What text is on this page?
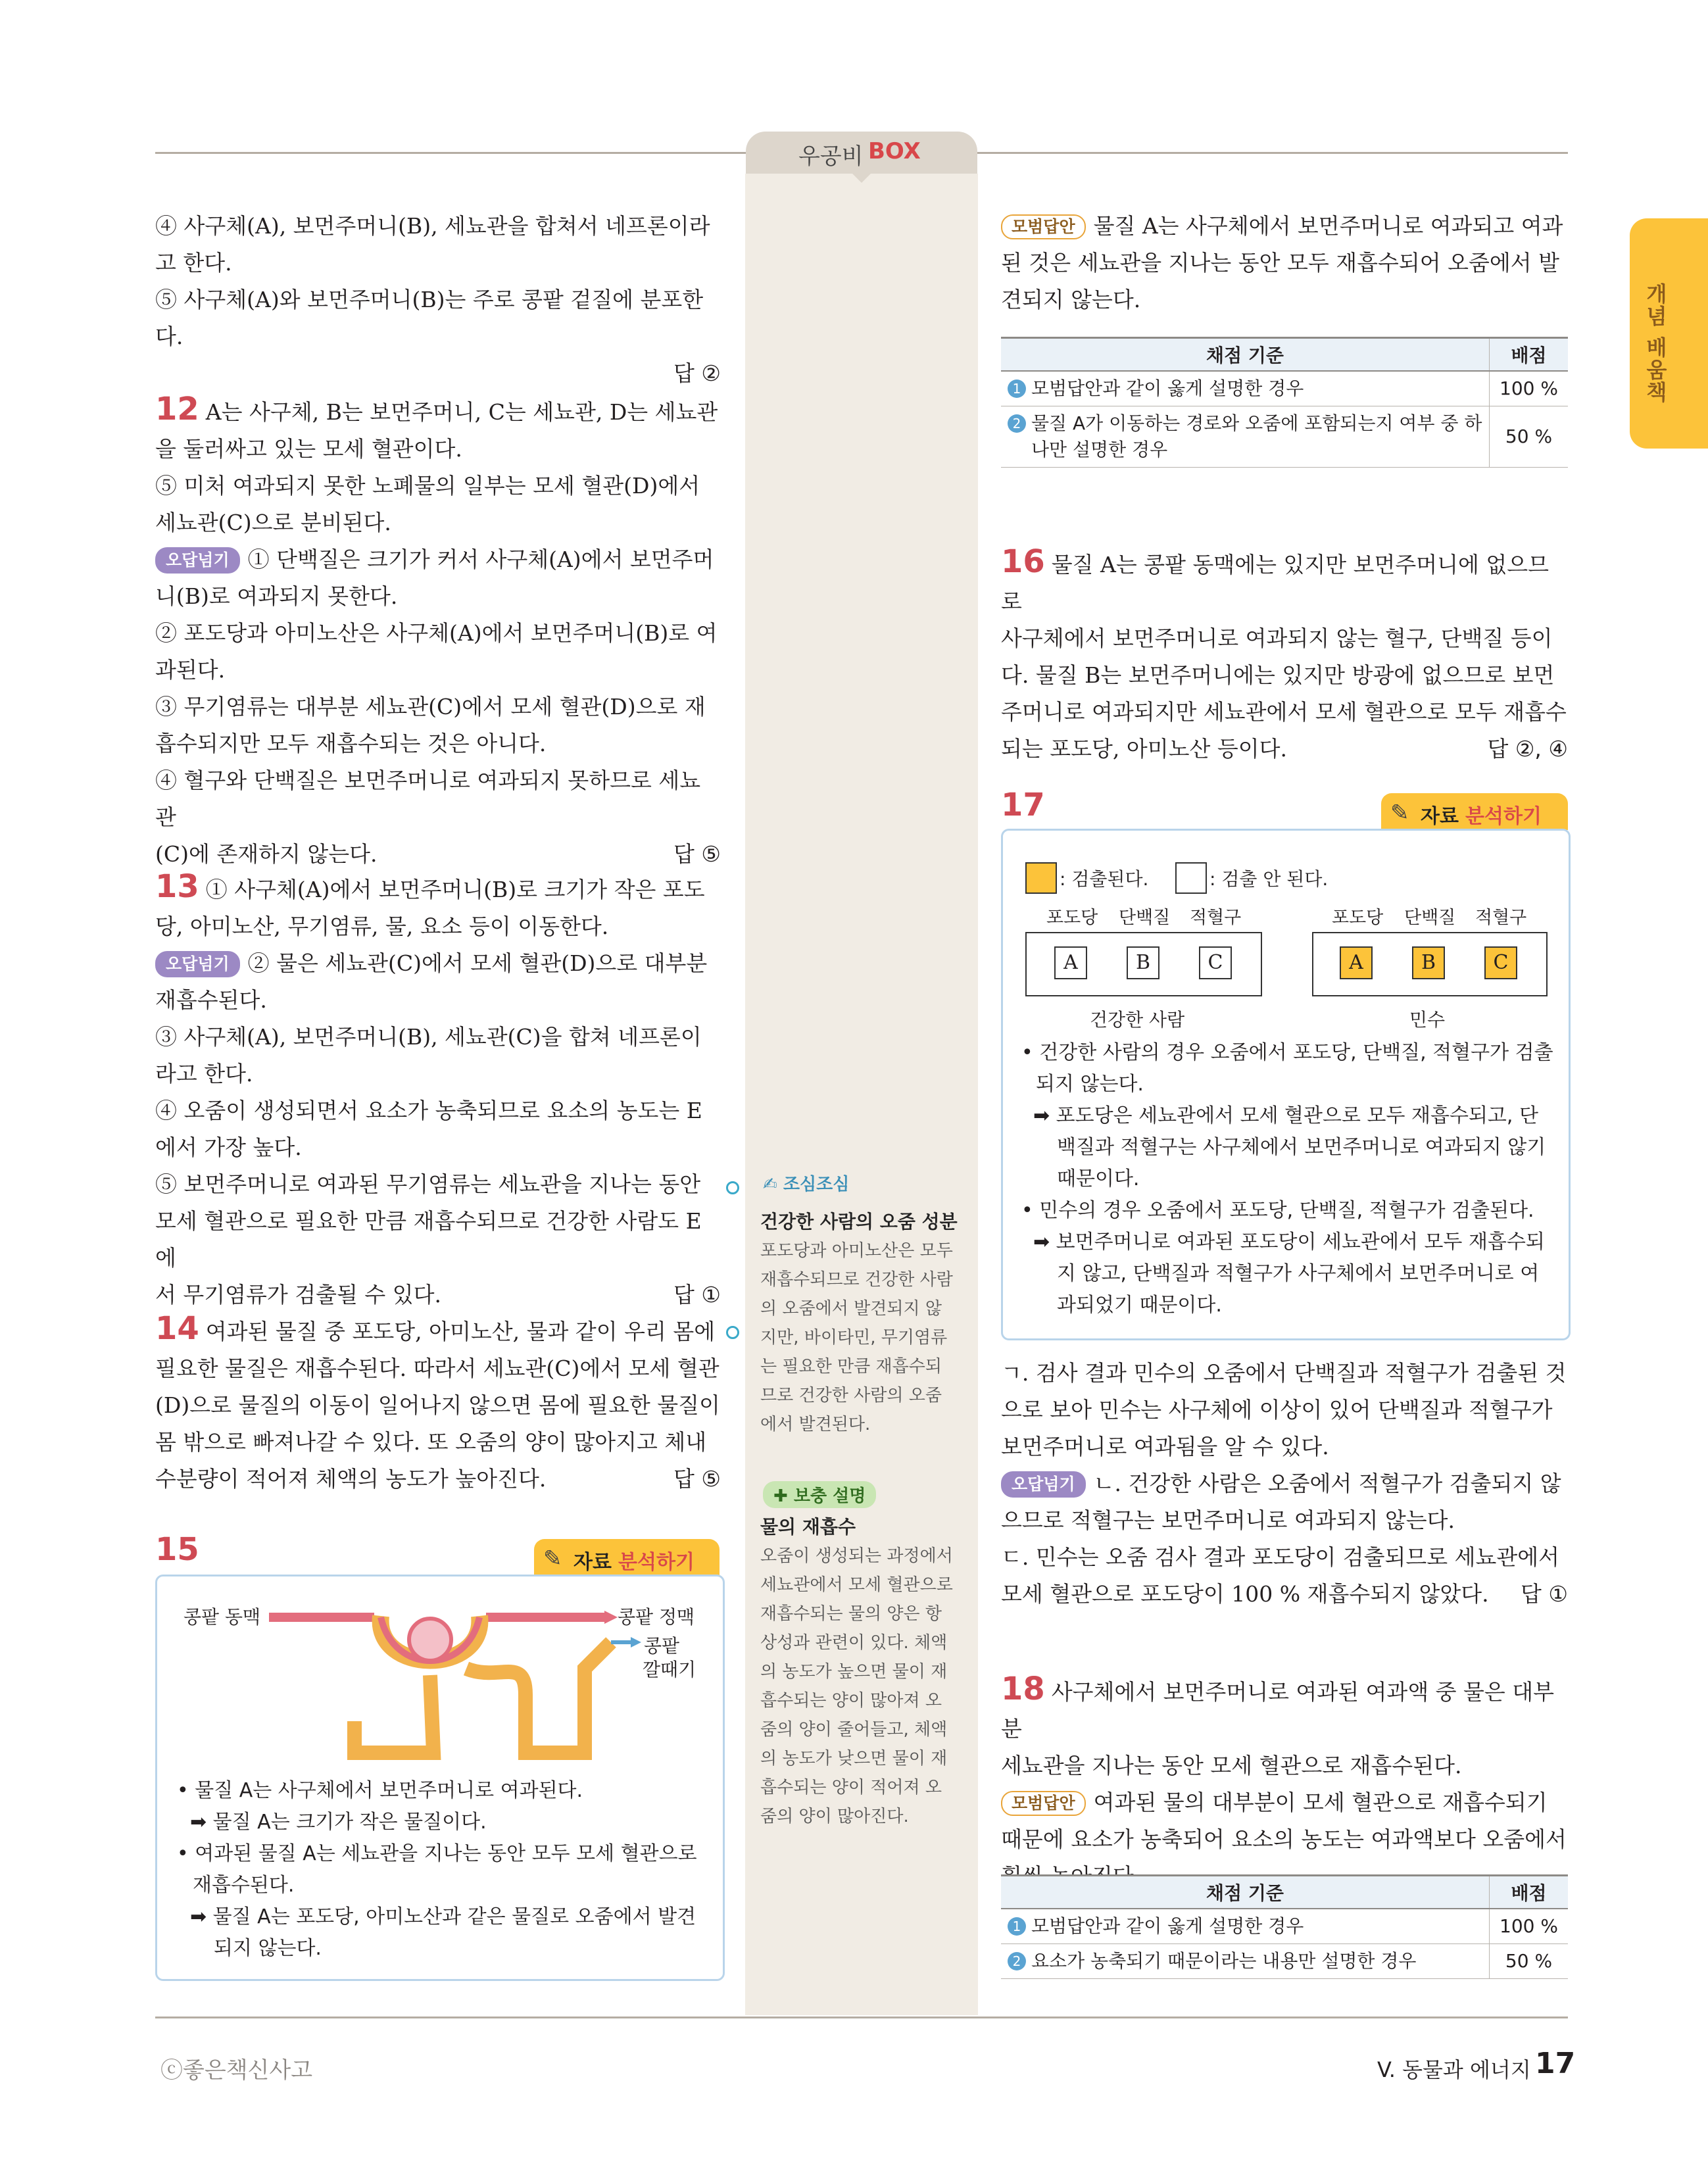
우공비 BOX
개념 배움책

④ 사구체(A), 보먼주머니(B), 세뇨관을 합쳐서 네프론이라

고 한다.

⑤ 사구체(A)와 보먼주머니(B)는 주로 콩팥 겉질에 분포한다.

답 ②

12 A는 사구체, B는 보먼주머니, C는 세뇨관, D는 세뇨관

을 둘러싸고 있는 모세 혈관이다.

⑤ 미처 여과되지 못한 노폐물의 일부는 모세 혈관(D)에서

세뇨관(C)으로 분비된다.

오답넘기 ① 단백질은 크기가 커서 사구체(A)에서 보먼주머

니(B)로 여과되지 못한다.

② 포도당과 아미노산은 사구체(A)에서 보먼주머니(B)로 여

과된다.

③ 무기염류는 대부분 세뇨관(C)에서 모세 혈관(D)으로 재

흡수되지만 모두 재흡수되는 것은 아니다.

④ 혈구와 단백질은 보먼주머니로 여과되지 못하므로 세뇨관

(C)에 존재하지 않는다.	답 ⑤

13 ① 사구체(A)에서 보먼주머니(B)로 크기가 작은 포도

당, 아미노산, 무기염류, 물, 요소 등이 이동한다.

오답넘기 ② 물은 세뇨관(C)에서 모세 혈관(D)으로 대부분

재흡수된다.

③ 사구체(A), 보먼주머니(B), 세뇨관(C)을 합쳐 네프론이

라고 한다.

④ 오줌이 생성되면서 요소가 농축되므로 요소의 농도는 E

에서 가장 높다.

⑤ 보먼주머니로 여과된 무기염류는 세뇨관을 지나는 동안

모세 혈관으로 필요한 만큼 재흡수되므로 건강한 사람도 E에

서 무기염류가 검출될 수 있다.	답 ①

14 여과된 물질 중 포도당, 아미노산, 물과 같이 우리 몸에

필요한 물질은 재흡수된다. 따라서 세뇨관(C)에서 모세 혈관

(D)으로 물질의 이동이 일어나지 않으면 몸에 필요한 물질이

몸 밖으로 빠져나갈 수 있다. 또 오줌의 양이 많아지고 체내

수분량이 적어져 체액의 농도가 높아진다.	답 ⑤

15	✎ 자료 분석하기
콩팥 동맥	콩팥 정맥
콩팥
깔때기
• 물질 A는 사구체에서 보먼주머니로 여과된다.
➡ 물질 A는 크기가 작은 물질이다.
• 여과된 물질 A는 세뇨관을 지나는 동안 모두 모세 혈관으로
재흡수된다.
➡ 물질 A는 포도당, 아미노산과 같은 물질로 오줌에서 발견
되지 않는다.
✍ 조심조심
건강한 사람의 오줌 성분
포도당과 아미노산은 모두
재흡수되므로 건강한 사람
의 오줌에서 발견되지 않
지만, 바이타민, 무기염류
는 필요한 만큼 재흡수되
므로 건강한 사람의 오줌
에서 발견된다.
✚ 보충 설명
물의 재흡수
오줌이 생성되는 과정에서
세뇨관에서 모세 혈관으로
재흡수되는 물의 양은 항
상성과 관련이 있다. 체액
의 농도가 높으면 물이 재
흡수되는 양이 많아져 오
줌의 양이 줄어들고, 체액
의 농도가 낮으면 물이 재
흡수되는 양이 적어져 오
줌의 양이 많아진다.

모범답안 물질 A는 사구체에서 보먼주머니로 여과되고 여과

된 것은 세뇨관을 지나는 동안 모두 재흡수되어 오줌에서 발

견되지 않는다.

채점 기준	배점
1 모범답안과 같이 옳게 설명한 경우	100 %
2 물질 A가 이동하는 경로와 오줌에 포함되는지 여부 중 하
나만 설명한 경우	50 %

16 물질 A는 콩팥 동맥에는 있지만 보먼주머니에 없으므로

사구체에서 보먼주머니로 여과되지 않는 혈구, 단백질 등이

다. 물질 B는 보먼주머니에는 있지만 방광에 없으므로 보먼

주머니로 여과되지만 세뇨관에서 모세 혈관으로 모두 재흡수

되는 포도당, 아미노산 등이다.	답 ②, ④

17	✎ 자료 분석하기
: 검출된다.	: 검출 안 된다.
포도당 단백질 적혈구
A	B	C
건강한 사람
포도당 단백질 적혈구
A	B	C
민수
• 건강한 사람의 경우 오줌에서 포도당, 단백질, 적혈구가 검출
되지 않는다.
➡ 포도당은 세뇨관에서 모세 혈관으로 모두 재흡수되고, 단
백질과 적혈구는 사구체에서 보먼주머니로 여과되지 않기
때문이다.
• 민수의 경우 오줌에서 포도당, 단백질, 적혈구가 검출된다.
➡ 보먼주머니로 여과된 포도당이 세뇨관에서 모두 재흡수되
지 않고, 단백질과 적혈구가 사구체에서 보먼주머니로 여
과되었기 때문이다.

ㄱ. 검사 결과 민수의 오줌에서 단백질과 적혈구가 검출된 것

으로 보아 민수는 사구체에 이상이 있어 단백질과 적혈구가

보먼주머니로 여과됨을 알 수 있다.

오답넘기 ㄴ. 건강한 사람은 오줌에서 적혈구가 검출되지 않

으므로 적혈구는 보먼주머니로 여과되지 않는다.

ㄷ. 민수는 오줌 검사 결과 포도당이 검출되므로 세뇨관에서

모세 혈관으로 포도당이 100 % 재흡수되지 않았다. 답 ①

18 사구체에서 보먼주머니로 여과된 여과액 중 물은 대부분

세뇨관을 지나는 동안 모세 혈관으로 재흡수된다.

모범답안 여과된 물의 대부분이 모세 혈관으로 재흡수되기

때문에 요소가 농축되어 요소의 농도는 여과액보다 오줌에서

채점 기준	배점
1 모범답안과 같이 옳게 설명한 경우	100 %
2 요소가 농축되기 때문이라는 내용만 설명한 경우	50 %
ⓒ좋은책신사고	V. 동물과 에너지 17
